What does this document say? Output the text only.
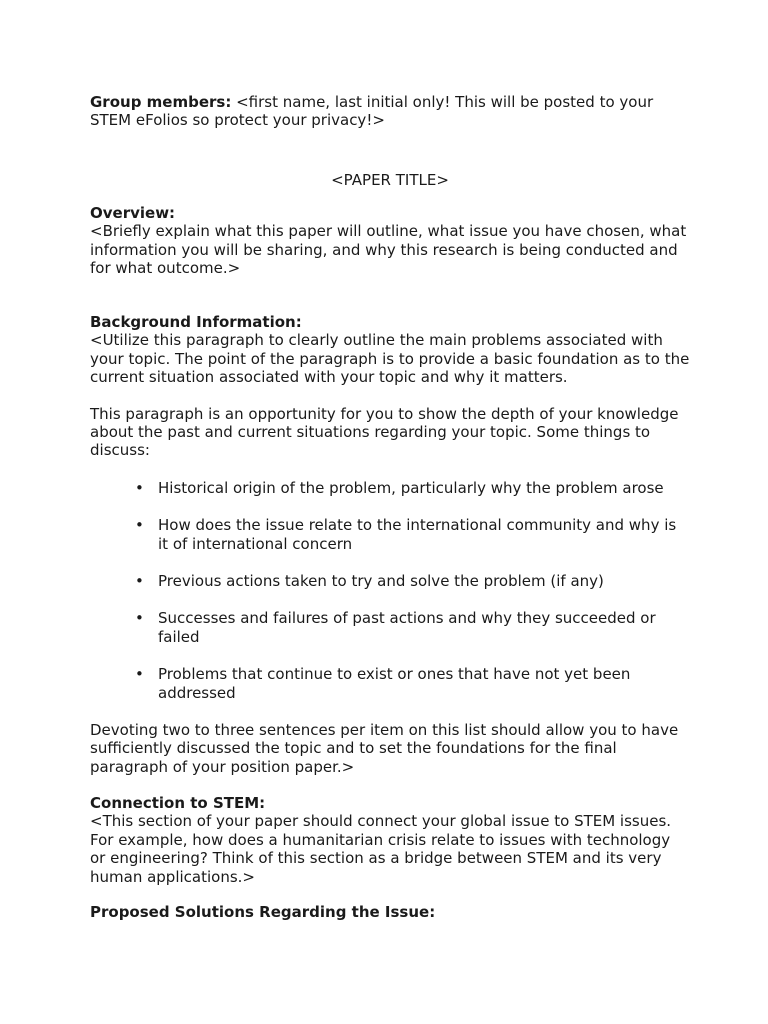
Group members: <first name, last initial only! This will be posted to your STEM eFolios so protect your privacy!>

<PAPER TITLE>

Overview:

<Briefly explain what this paper will outline, what issue you have chosen, what information you will be sharing, and why this research is being conducted and for what outcome.>

Background Information:

<Utilize this paragraph to clearly outline the main problems associated with your topic. The point of the paragraph is to provide a basic foundation as to the current situation associated with your topic and why it matters.

This paragraph is an opportunity for you to show the depth of your knowledge about the past and current situations regarding your topic. Some things to discuss:

• Historical origin of the problem, particularly why the problem arose
• How does the issue relate to the international community and why is it of international concern
• Previous actions taken to try and solve the problem (if any)
• Successes and failures of past actions and why they succeeded or failed
• Problems that continue to exist or ones that have not yet been addressed

Devoting two to three sentences per item on this list should allow you to have sufficiently discussed the topic and to set the foundations for the final paragraph of your position paper.>

Connection to STEM:

<This section of your paper should connect your global issue to STEM issues. For example, how does a humanitarian crisis relate to issues with technology or engineering? Think of this section as a bridge between STEM and its very human applications.>

Proposed Solutions Regarding the Issue:
